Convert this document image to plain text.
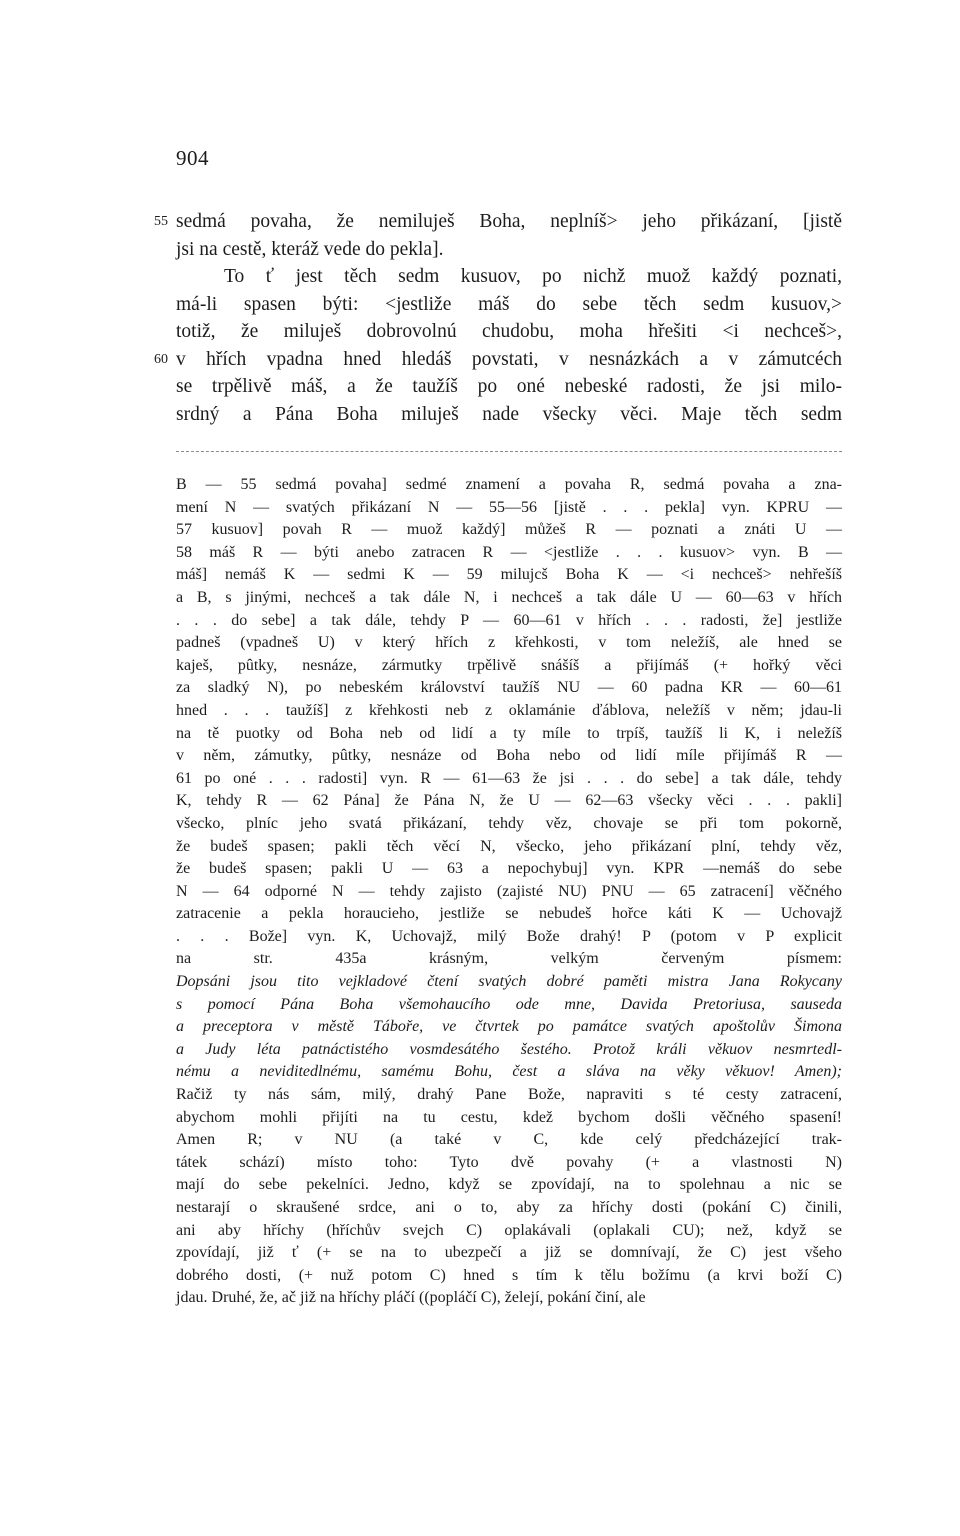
904
55 sedmá povaha, že nemiluješ Boha, neplníš> jeho přikázaní, [jistě
jsi na cestě, kteráž vede do pekla].
To ť jest těch sedm kusuov, po nichž muož každý poznati,
má-li spasen býti: <jestliže máš do sebe těch sedm kusuov,>
totiž, že miluješ dobrovolnú chudobu, moha hřešiti <i nechceš>,
60 v hřích vpadna hned hledáš povstati, v nesnázkách a v zámutcéch
se trpělivě máš, a že taužíš po oné nebeské radosti, že jsi milo-
srdný a Pána Boha miluješ nade všecky věci. Maje těch sedm
B — 55 sedmá povaha] sedmé znamení a povaha R, sedmá povaha a zna-
mení N — svatých přikázaní N — 55—56 [jistě . . . pekla] vyn. KPRU —
57 kusuov] povah R — muož každý] můžeš R — poznati a znáti U —
58 máš R — býti anebo zatracen R — <jestliže . . . kusuov> vyn. B —
máš] nemáš K — sedmi K — 59 milujcš Boha K — <i nechceš> nehřešíš
a B, s jinými, nechceš a tak dále N, i nechceš a tak dále U — 60—63 v hřích
. . . do sebe] a tak dále, tehdy P — 60—61 v hřích . . . radosti, že] jestliže
padneš (vpadneš U) v který hřích z křehkosti, v tom neležíš, ale hned se
kaješ, pûtky, nesnáze, zármutky trpělivě snášíš a přijímáš (+ hořký věci
za sladký N), po nebeském království taužíš NU — 60 padna KR — 60—61
hned . . . taužíš] z křehkosti neb z oklamánie ďáblova, neležíš v něm; jdau-li
na tě puotky od Boha neb od lidí a ty míle to trpíš, taužíš li K, i neležíš
v něm, zámutky, pûtky, nesnáze od Boha nebo od lidí míle přijímáš R —
61 po oné . . . radosti] vyn. R — 61—63 že jsi . . . do sebe] a tak dále, tehdy
K, tehdy R — 62 Pána] že Pána N, že U — 62—63 všecky věci . . . pakli]
všecko, plníc jeho svatá přikázaní, tehdy věz, chovaje se při tom pokorně,
že budeš spasen; pakli těch věcí N, všecko, jeho přikázaní plní, tehdy věz,
že budeš spasen; pakli U — 63 a nepochybuj] vyn. KPR —nemáš do sebe
N — 64 odporné N — tehdy zajisto (zajisté NU) PNU — 65 zatracení] věčného
zatracenie a pekla horaucieho, jestliže se nebudeš hořce káti K — Uchovajž
. . . Bože] vyn. K, Uchovajž, milý Bože drahý! P (potom v P explicit
na str. 435a krásným, velkým červeným písmem:
Dopsáni jsou tito vejkladové čtení svatých dobré paměti mistra Jana Rokycany
s pomocí Pána Boha všemohaucího ode mne, Davida Pretoriusa, sauseda
a preceptora v městě Táboře, ve čtvrtek po památce svatých apoštolův Šimona
a Judy léta patnáctistého vosmdesátého šestého. Protož králi věkuov nesmrtedl-
nému a neviditedlnému, samému Bohu, čest a sláva na věky věkuov! Amen);
Račiž ty nás sám, milý, drahý Pane Bože, napraviti s té cesty zatracení,
abychom mohli přijíti na tu cestu, kdež bychom došli věčného spasení!
Amen R; v NU (a také v C, kde celý předcházející trak-
tátek schází) místo toho: Tyto dvě povahy (+ a vlastnosti N)
mají do sebe pekelníci. Jedno, když se zpovídají, na to spolehnau a nic se
nestarají o skraušené srdce, ani o to, aby za hříchy dosti (pokání C) činili,
ani aby hříchy (hříchův svejch C) oplakávali (oplakali CU); než, když se
zpovídají, již ť (+ se na to ubezpečí a již se domnívají, že C) jest všeho
dobrého dosti, (+ nuž potom C) hned s tím k tělu božímu (a krvi boží C)
jdau. Druhé, že, ač již na hříchy pláčí ((popláčí C), želejí, pokání činí, ale
